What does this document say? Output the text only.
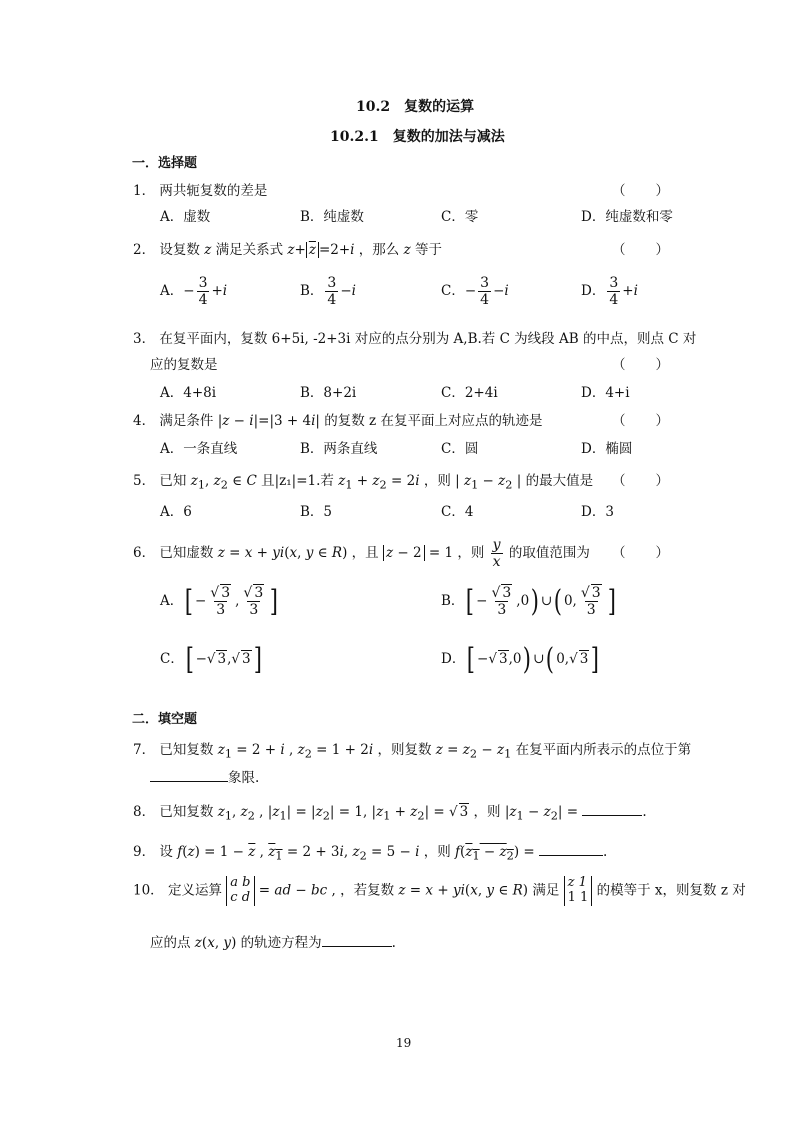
10.2　复数的运算
10.2.1　复数的加法与减法
一．选择题
1． 两共轭复数的差是	（　　）
A．虚数	B．纯虚数	C．零	D．纯虚数和零
2． 设复数 z 满足关系式 $z+ \overline{z} =2+i$ ，那么 z 等于	（　　）
A．− $\frac{3}{4} +i$	B． $\frac{3}{4} -i$	C．− $\frac{3}{4} -i$	D． $\frac{3}{4} +i$
3． 在复平面内，复数 6+5i, -2+3i 对应的点分别为 A,B.若 C 为线段 AB 的中点，则点 C 对
应的复数是	（　　）
A．4+8i	B．8+2i	C．2+4i	D．4+i
4． 满足条件 |z − i|=|3 + 4i| 的复数 z 在复平面上对应点的轨迹是	（　　）
A．一条直线	B．两条直线	C．圆	D．椭圆
5． 已知 $z_1$, $z_2$ ∈ C 且|z₁|=1.若 $z_1 + z_2 = 2i$ ，则 | $z_1 - z_2$ | 的最大值是 （　　）
A．6	B．5	C．4	D．3
6． 已知虚数 z = x + yi(x, y ∈ R) ，且 z − 2 = 1 ，则 $\frac{y}{x}$ 的取值范围为 （　　）
A．[ − $\frac{√ 3}{3}$ , $\frac{√ 3}{3}$ ]	B．[ − $\frac{√ 3}{3} ,0$) ∪( 0, $\frac{√ 3}{3}$ ]
C．[ −√ 3,√ 3]	D．[ −√ 3,0) ∪( 0,√ 3]
二．填空题
7． 已知复数 $z_1 = 2 + i$ , $z_2 = 1 + 2i$ ，则复数 $z = z_2 - z_1$ 在复平面内所表示的点位于第
象限.
8． 已知复数 $z_1$, $z_2$ , $|z_1| = |z_2| = 1$, $|z_1 + z_2|$ = √ 3 ，则 $|z_1 - z_2|$ =	.
9． 设 $f(z) = 1 - \overline{z}$ , $z_1 = 2 + 3i$, $z_2 = 5 - i$ ，则 $f(z_1 - z_2)$ =	.
10． 定义运算 a b
c d = ad − bc , ，若复数 z = x + yi(x, y ∈ R) 满足 z 1
1 1 的模等于 x，则复数 z 对
应的点 z(x, y) 的轨迹方程为	.
19
